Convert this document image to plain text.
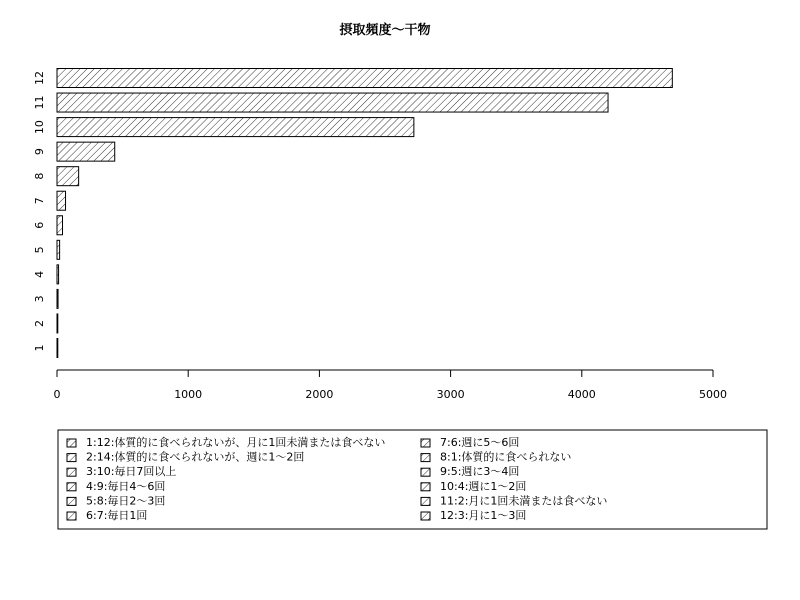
摂取頻度～干物
1
2
3
4
5
6
7
8
9
10
11
12
0	1000	2000	3000	4000	5000
1:12:体質的に食べられないが、月に1回未満または食べない
2:14:体質的に食べられないが、週に1～2回
3:10:毎日7回以上
4:9:毎日4～6回
5:8:毎日2～3回
6:7:毎日1回
7:6:週に5～6回
8:1:体質的に食べられない
9:5:週に3～4回
10:4:週に1～2回
11:2:月に1回未満または食べない
12:3:月に1～3回
